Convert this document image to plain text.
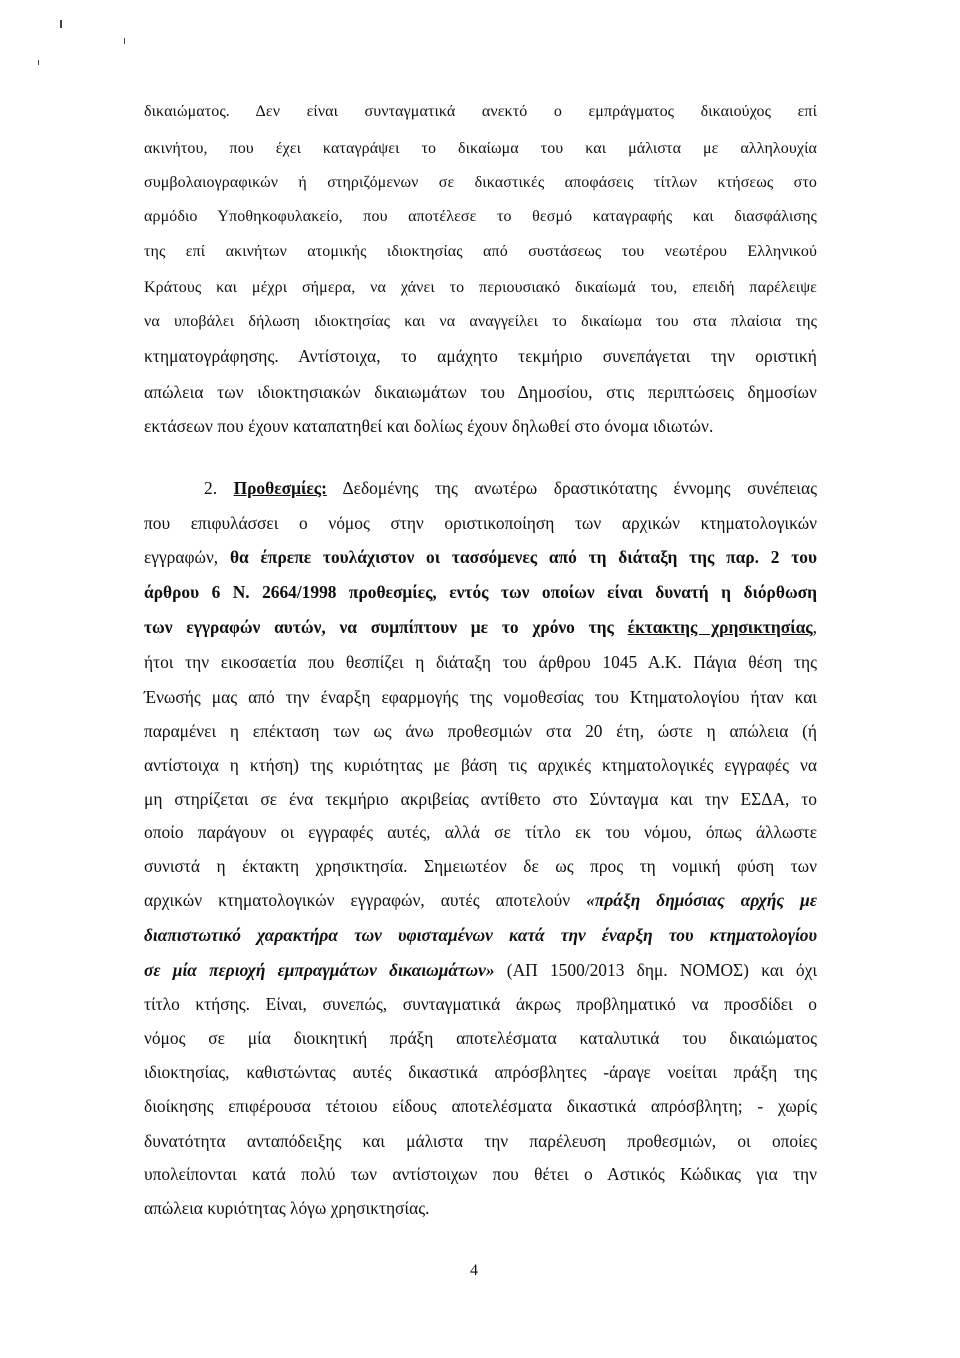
δικαιώματος. Δεν είναι συνταγματικά ανεκτό ο εμπράγματος δικαιούχος επί
ακινήτου, που έχει καταγράψει το δικαίωμα του και μάλιστα με αλληλουχία
συμβολαιογραφικών ή στηριζόμενων σε δικαστικές αποφάσεις τίτλων κτήσεως στο
αρμόδιο Υποθηκοφυλακείο, που αποτέλεσε το θεσμό καταγραφής και διασφάλισης
της επί ακινήτων ατομικής ιδιοκτησίας από συστάσεως του νεωτέρου Ελληνικού
Κράτους και μέχρι σήμερα, να χάνει το περιουσιακό δικαίωμά του, επειδή παρέλειψε
να υποβάλει δήλωση ιδιοκτησίας και να αναγγείλει το δικαίωμα του στα πλαίσια της
κτηματογράφησης. Αντίστοιχα, το αμάχητο τεκμήριο συνεπάγεται την οριστική
απώλεια των ιδιοκτησιακών δικαιωμάτων του Δημοσίου, στις περιπτώσεις δημοσίων
εκτάσεων που έχουν καταπατηθεί και δολίως έχουν δηλωθεί στο όνομα ιδιωτών.
2. Προθεσμίες: Δεδομένης της ανωτέρω δραστικότατης έννομης συνέπειας
που επιφυλάσσει ο νόμος στην οριστικοποίηση των αρχικών κτηματολογικών
εγγραφών, θα έπρεπε τουλάχιστον οι τασσόμενες από τη διάταξη της παρ. 2 του
άρθρου 6 Ν. 2664/1998 προθεσμίες, εντός των οποίων είναι δυνατή η διόρθωση
των εγγραφών αυτών, να συμπίπτουν με το χρόνο της έκτακτης χρησικτησίας,
ήτοι την εικοσαετία που θεσπίζει η διάταξη του άρθρου 1045 Α.Κ. Πάγια θέση της
Ένωσής μας από την έναρξη εφαρμογής της νομοθεσίας του Κτηματολογίου ήταν και
παραμένει η επέκταση των ως άνω προθεσμιών στα 20 έτη, ώστε η απώλεια (ή
αντίστοιχα η κτήση) της κυριότητας με βάση τις αρχικές κτηματολογικές εγγραφές να
μη στηρίζεται σε ένα τεκμήριο ακριβείας αντίθετο στο Σύνταγμα και την ΕΣΔΑ, το
οποίο παράγουν οι εγγραφές αυτές, αλλά σε τίτλο εκ του νόμου, όπως άλλωστε
συνιστά η έκτακτη χρησικτησία. Σημειωτέον δε ως προς τη νομική φύση των
αρχικών κτηματολογικών εγγραφών, αυτές αποτελούν «πράξη δημόσιας αρχής με
διαπιστωτικό χαρακτήρα των υφισταμένων κατά την έναρξη του κτηματολογίου
σε μία περιοχή εμπραγμάτων δικαιωμάτων» (ΑΠ 1500/2013 δημ. ΝΟΜΟΣ) και όχι
τίτλο κτήσης. Είναι, συνεπώς, συνταγματικά άκρως προβληματικό να προσδίδει ο
νόμος σε μία διοικητική πράξη αποτελέσματα καταλυτικά του δικαιώματος
ιδιοκτησίας, καθιστώντας αυτές δικαστικά απρόσβλητες -άραγε νοείται πράξη της
διοίκησης επιφέρουσα τέτοιου είδους αποτελέσματα δικαστικά απρόσβλητη; - χωρίς
δυνατότητα ανταπόδειξης και μάλιστα την παρέλευση προθεσμιών, οι οποίες
υπολείπονται κατά πολύ των αντίστοιχων που θέτει ο Αστικός Κώδικας για την
απώλεια κυριότητας λόγω χρησικτησίας.
4
